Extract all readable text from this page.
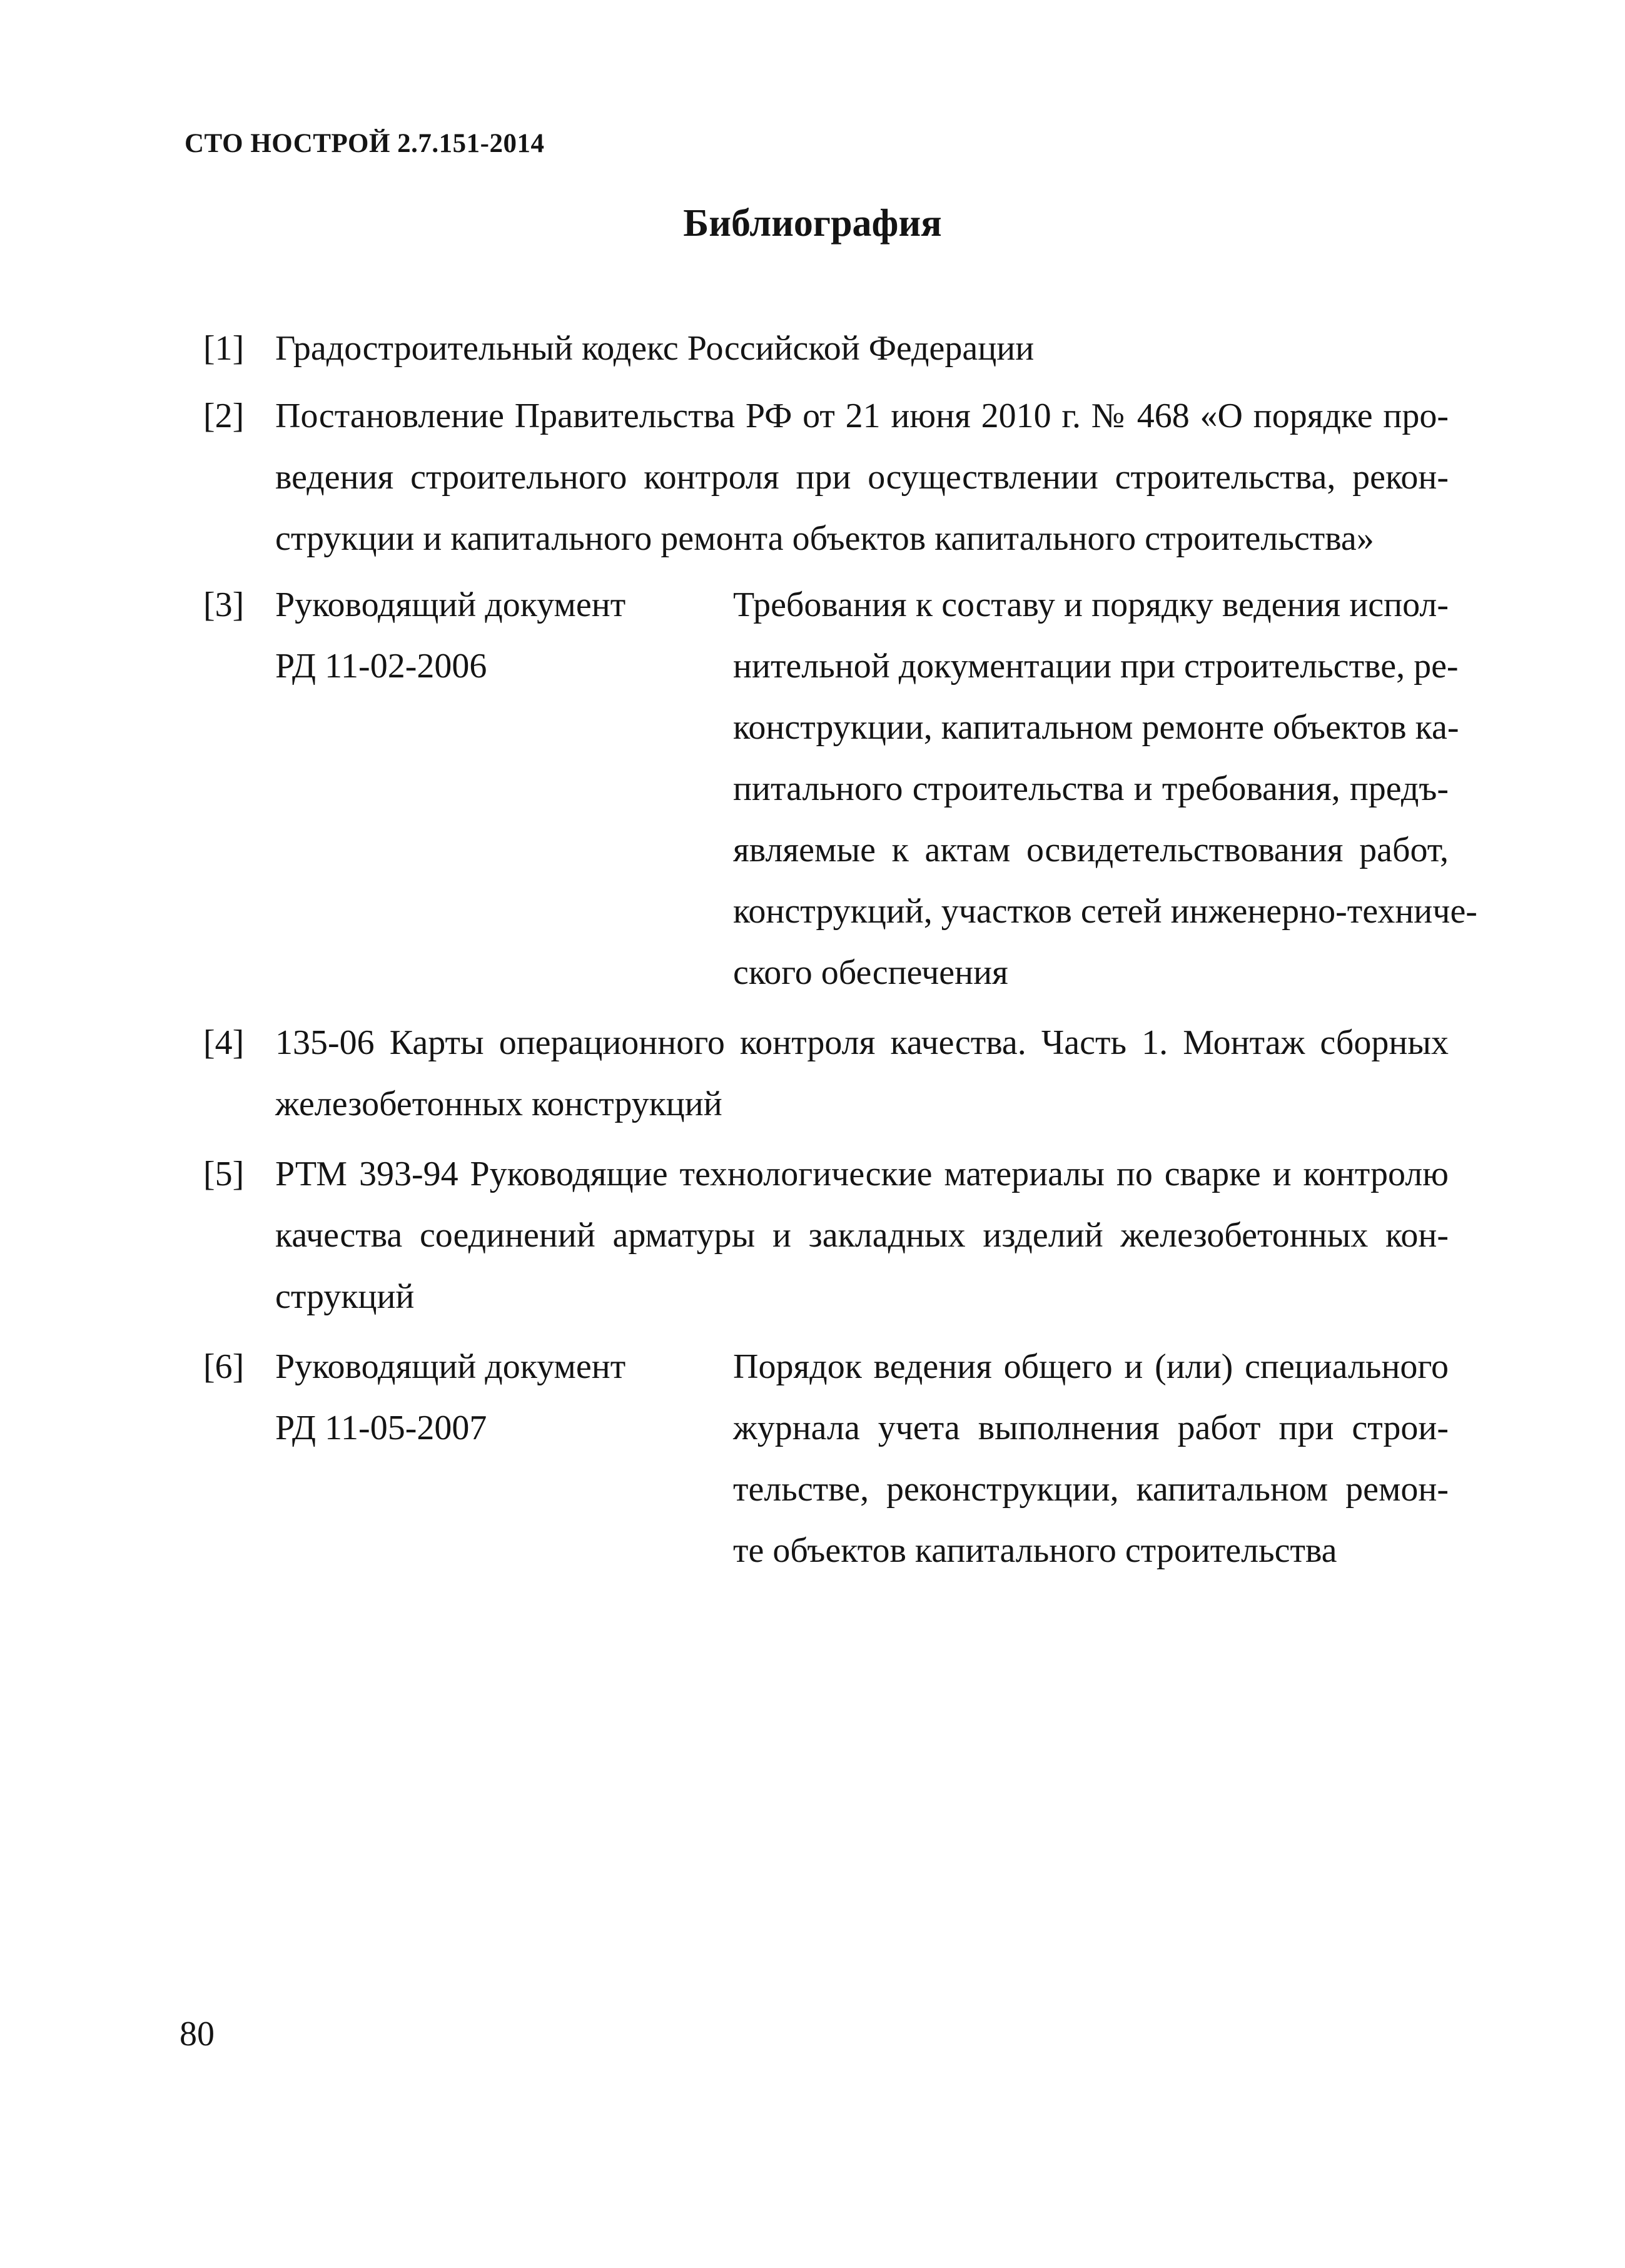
СТО НОСТРОЙ 2.7.151-2014
Библиография
[1] Градостроительный кодекс Российской Федерации
[2] Постановление Правительства РФ от 21 июня 2010 г. № 468 «О порядке про-
ведения строительного контроля при осуществлении строительства, рекон-
струкции и капитального ремонта объектов капитального строительства»
[3] Руководящий документ
РД 11-02-2006
Требования к составу и порядку ведения испол-
нительной документации при строительстве, ре-
конструкции, капитальном ремонте объектов ка-
питального строительства и требования, предъ-
являемые к актам освидетельствования работ,
конструкций, участков сетей инженерно-техниче-
ского обеспечения
[4] 135-06 Карты операционного контроля качества. Часть 1. Монтаж сборных
железобетонных конструкций
[5] РТМ 393-94 Руководящие технологические материалы по сварке и контролю
качества соединений арматуры и закладных изделий железобетонных кон-
струкций
[6] Руководящий документ
РД 11-05-2007
Порядок ведения общего и (или) специального
журнала учета выполнения работ при строи-
тельстве, реконструкции, капитальном ремон-
те объектов капитального строительства
80
